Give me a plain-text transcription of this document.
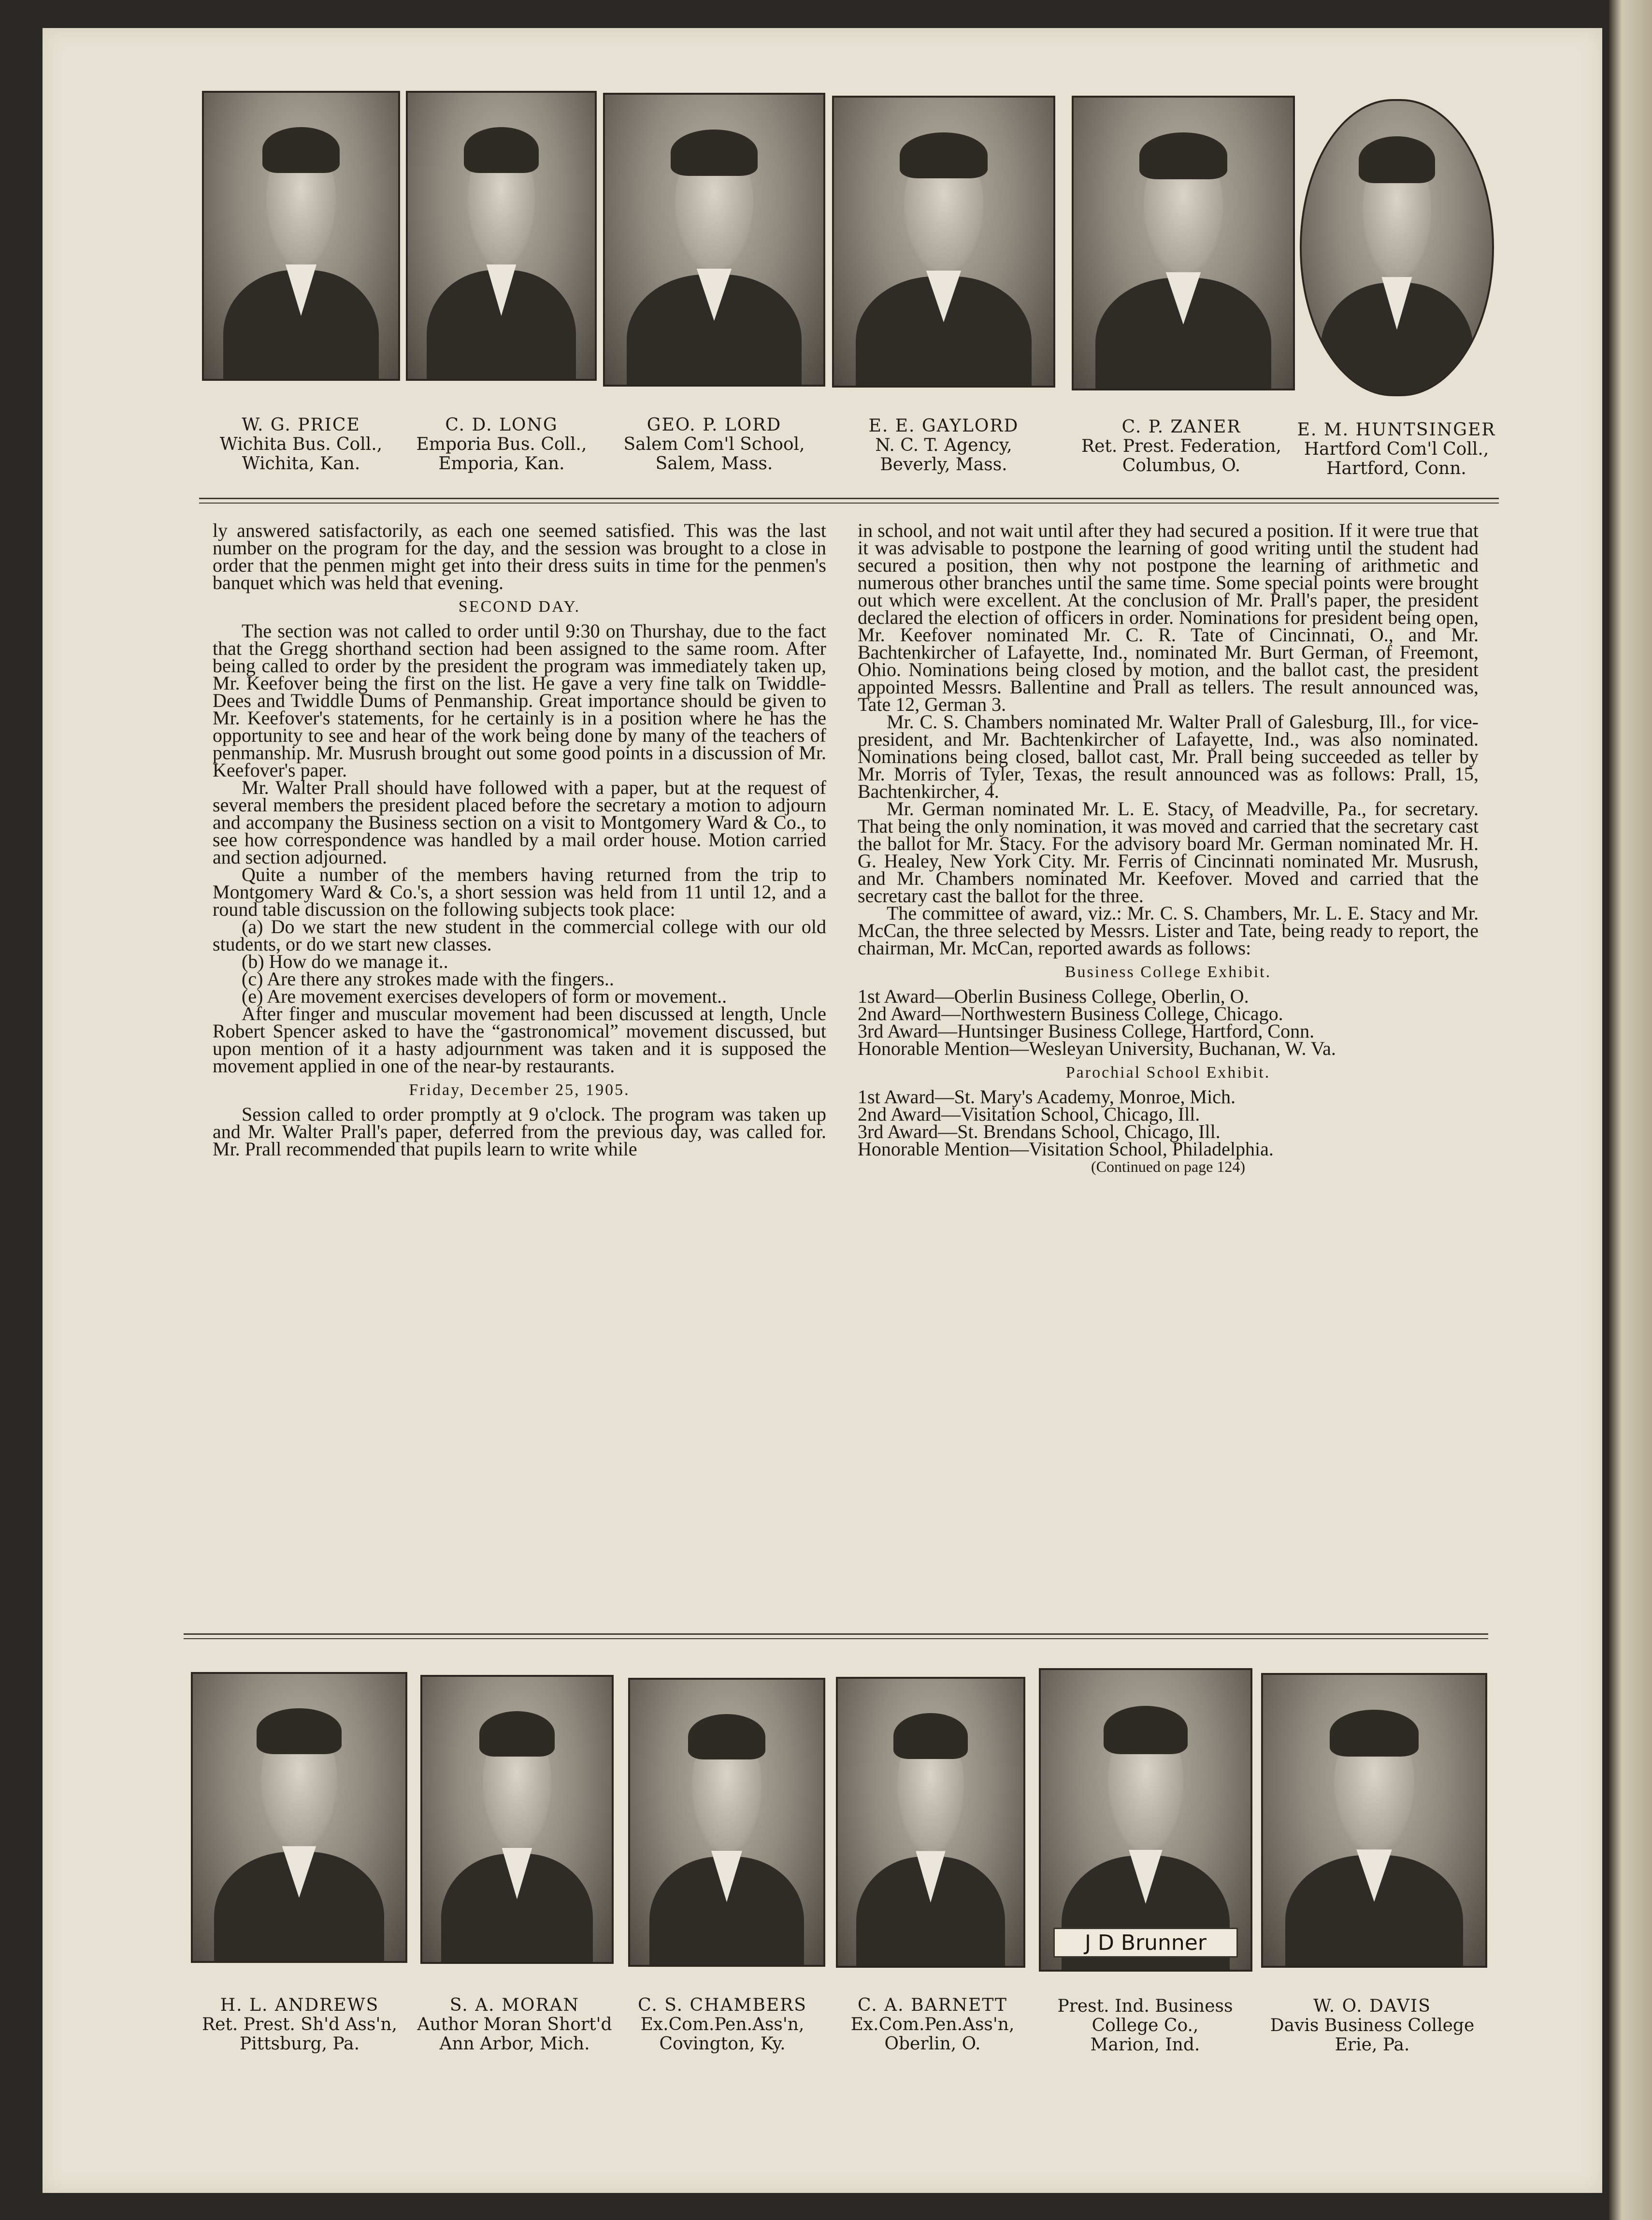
W. G. PRICE
Wichita Bus. Coll.,
Wichita, Kan.
C. D. LONG
Emporia Bus. Coll.,
Emporia, Kan.
GEO. P. LORD
Salem Com'l School,
Salem, Mass.
E. E. GAYLORD
N. C. T. Agency,
Beverly, Mass.
C. P. ZANER
Ret. Prest. Federation,
Columbus, O.
E. M. HUNTSINGER
Hartford Com'l Coll.,
Hartford, Conn.

ly answered satisfactorily, as each one seemed satisfied. This was the last number on the program for the day, and the session was brought to a close in order that the penmen might get into their dress suits in time for the penmen's banquet which was held that evening.

SECOND DAY.

The section was not called to order until 9:30 on Thurshay, due to the fact that the Gregg shorthand section had been assigned to the same room. After being called to order by the president the program was immediately taken up, Mr. Keefover being the first on the list. He gave a very fine talk on Twiddle-Dees and Twiddle Dums of Penmanship. Great importance should be given to Mr. Keefover's statements, for he certainly is in a position where he has the opportunity to see and hear of the work being done by many of the teachers of penmanship. Mr. Musrush brought out some good points in a discussion of Mr. Keefover's paper.

Mr. Walter Prall should have followed with a paper, but at the request of several members the president placed before the secretary a motion to adjourn and accompany the Business section on a visit to Montgomery Ward & Co., to see how correspondence was handled by a mail order house. Motion carried and section adjourned.

Quite a number of the members having returned from the trip to Montgomery Ward & Co.'s, a short session was held from 11 until 12, and a round table discussion on the following subjects took place:

(a) Do we start the new student in the commercial college with our old students, or do we start new classes.

(b) How do we manage it..

(c) Are there any strokes made with the fingers..

(e) Are movement exercises developers of form or movement..

After finger and muscular movement had been discussed at length, Uncle Robert Spencer asked to have the “gastronomical” movement discussed, but upon mention of it a hasty adjournment was taken and it is supposed the movement applied in one of the near-by restaurants.

Friday, December 25, 1905.

Session called to order promptly at 9 o'clock. The program was taken up and Mr. Walter Prall's paper, deferred from the previous day, was called for. Mr. Prall recommended that pupils learn to write while

in school, and not wait until after they had secured a position. If it were true that it was advisable to postpone the learning of good writing until the student had secured a position, then why not postpone the learning of arithmetic and numerous other branches until the same time. Some special points were brought out which were excellent. At the conclusion of Mr. Prall's paper, the president declared the election of officers in order. Nominations for president being open, Mr. Keefover nominated Mr. C. R. Tate of Cincinnati, O., and Mr. Bachtenkircher of Lafayette, Ind., nominated Mr. Burt German, of Freemont, Ohio. Nominations being closed by motion, and the ballot cast, the president appointed Messrs. Ballentine and Prall as tellers. The result announced was, Tate 12, German 3.

Mr. C. S. Chambers nominated Mr. Walter Prall of Galesburg, Ill., for vice-president, and Mr. Bachtenkircher of Lafayette, Ind., was also nominated. Nominations being closed, ballot cast, Mr. Prall being succeeded as teller by Mr. Morris of Tyler, Texas, the result announced was as follows: Prall, 15, Bachtenkircher, 4.

Mr. German nominated Mr. L. E. Stacy, of Meadville, Pa., for secretary. That being the only nomination, it was moved and carried that the secretary cast the ballot for Mr. Stacy. For the advisory board Mr. German nominated Mr. H. G. Healey, New York City. Mr. Ferris of Cincinnati nominated Mr. Musrush, and Mr. Chambers nominated Mr. Keefover. Moved and carried that the secretary cast the ballot for the three.

The committee of award, viz.: Mr. C. S. Chambers, Mr. L. E. Stacy and Mr. McCan, the three selected by Messrs. Lister and Tate, being ready to report, the chairman, Mr. McCan, reported awards as follows:

Business College Exhibit.

1st Award—Oberlin Business College, Oberlin, O.

2nd Award—Northwestern Business College, Chicago.

3rd Award—Huntsinger Business College, Hartford, Conn.

Honorable Mention—Wesleyan University, Buchanan, W. Va.

Parochial School Exhibit.

1st Award—St. Mary's Academy, Monroe, Mich.

2nd Award—Visitation School, Chicago, Ill.

3rd Award—St. Brendans School, Chicago, Ill.

Honorable Mention—Visitation School, Philadelphia.

(Continued on page 124)

J D Brunner
H. L. ANDREWS
Ret. Prest. Sh'd Ass'n,
Pittsburg, Pa.
S. A. MORAN
Author Moran Short'd
Ann Arbor, Mich.
C. S. CHAMBERS
Ex.Com.Pen.Ass'n,
Covington, Ky.
C. A. BARNETT
Ex.Com.Pen.Ass'n,
Oberlin, O.
Prest. Ind. Business
College Co.,
Marion, Ind.
W. O. DAVIS
Davis Business College
Erie, Pa.
